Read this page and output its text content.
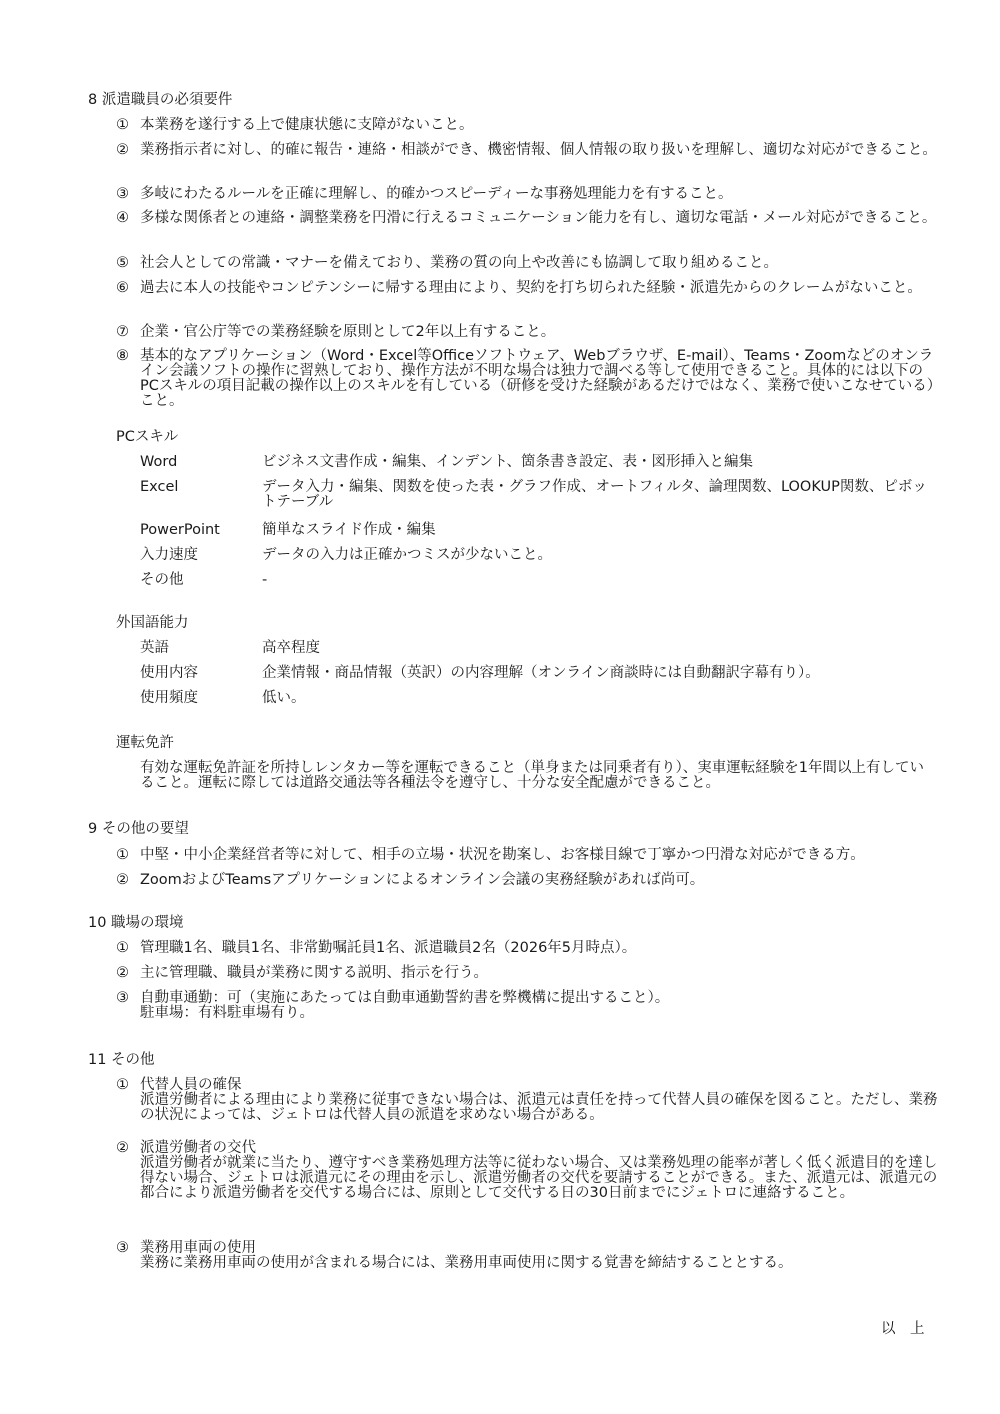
8 派遣職員の必須要件
① 本業務を遂行する上で健康状態に支障がないこと。
② 業務指示者に対し、的確に報告・連絡・相談ができ、機密情報、個人情報の取り扱いを理解し、適切な対応ができること。
③ 多岐にわたるルールを正確に理解し、的確かつスピーディーな事務処理能力を有すること。
④ 多様な関係者との連絡・調整業務を円滑に行えるコミュニケーション能力を有し、適切な電話・メール対応ができること。
⑤ 社会人としての常識・マナーを備えており、業務の質の向上や改善にも協調して取り組めること。
⑥ 過去に本人の技能やコンピテンシーに帰する理由により、契約を打ち切られた経験・派遣先からのクレームがないこと。
⑦ 企業・官公庁等での業務経験を原則として2年以上有すること。
⑧ 基本的なアプリケーション（Word・Excel等Officeソフトウェア、Webブラウザ、E-mail）、Teams・Zoomなどのオンライン会議ソフトの操作に習熟しており、操作方法が不明な場合は独力で調べる等して使用できること。具体的には以下のPCスキルの項目記載の操作以上のスキルを有している（研修を受けた経験があるだけではなく、業務で使いこなせている）こと。
PCスキル
Word	ビジネス文書作成・編集、インデント、箇条書き設定、表・図形挿入と編集
Excel	データ入力・編集、関数を使った表・グラフ作成、オートフィルタ、論理関数、LOOKUP関数、ピボットテーブル
PowerPoint	簡単なスライド作成・編集
入力速度	データの入力は正確かつミスが少ないこと。
その他	-
外国語能力
英語	高卒程度
使用内容	企業情報・商品情報（英訳）の内容理解（オンライン商談時には自動翻訳字幕有り）。
使用頻度	低い。
運転免許
有効な運転免許証を所持しレンタカー等を運転できること（単身または同乗者有り）、実車運転経験を1年間以上有していること。運転に際しては道路交通法等各種法令を遵守し、十分な安全配慮ができること。
9 その他の要望
① 中堅・中小企業経営者等に対して、相手の立場・状況を勘案し、お客様目線で丁寧かつ円滑な対応ができる方。
② ZoomおよびTeamsアプリケーションによるオンライン会議の実務経験があれば尚可。
10 職場の環境
① 管理職1名、職員1名、非常勤嘱託員1名、派遣職員2名（2026年5月時点）。
② 主に管理職、職員が業務に関する説明、指示を行う。
③ 自動車通勤：可（実施にあたっては自動車通勤誓約書を弊機構に提出すること）。
駐車場：有料駐車場有り。
11 その他
① 代替人員の確保
派遣労働者による理由により業務に従事できない場合は、派遣元は責任を持って代替人員の確保を図ること。ただし、業務の状況によっては、ジェトロは代替人員の派遣を求めない場合がある。
② 派遣労働者の交代
派遣労働者が就業に当たり、遵守すべき業務処理方法等に従わない場合、又は業務処理の能率が著しく低く派遣目的を達し得ない場合、ジェトロは派遣元にその理由を示し、派遣労働者の交代を要請することができる。また、派遣元は、派遣元の都合により派遣労働者を交代する場合には、原則として交代する日の30日前までにジェトロに連絡すること。
③ 業務用車両の使用
業務に業務用車両の使用が含まれる場合には、業務用車両使用に関する覚書を締結することとする。
以　上
